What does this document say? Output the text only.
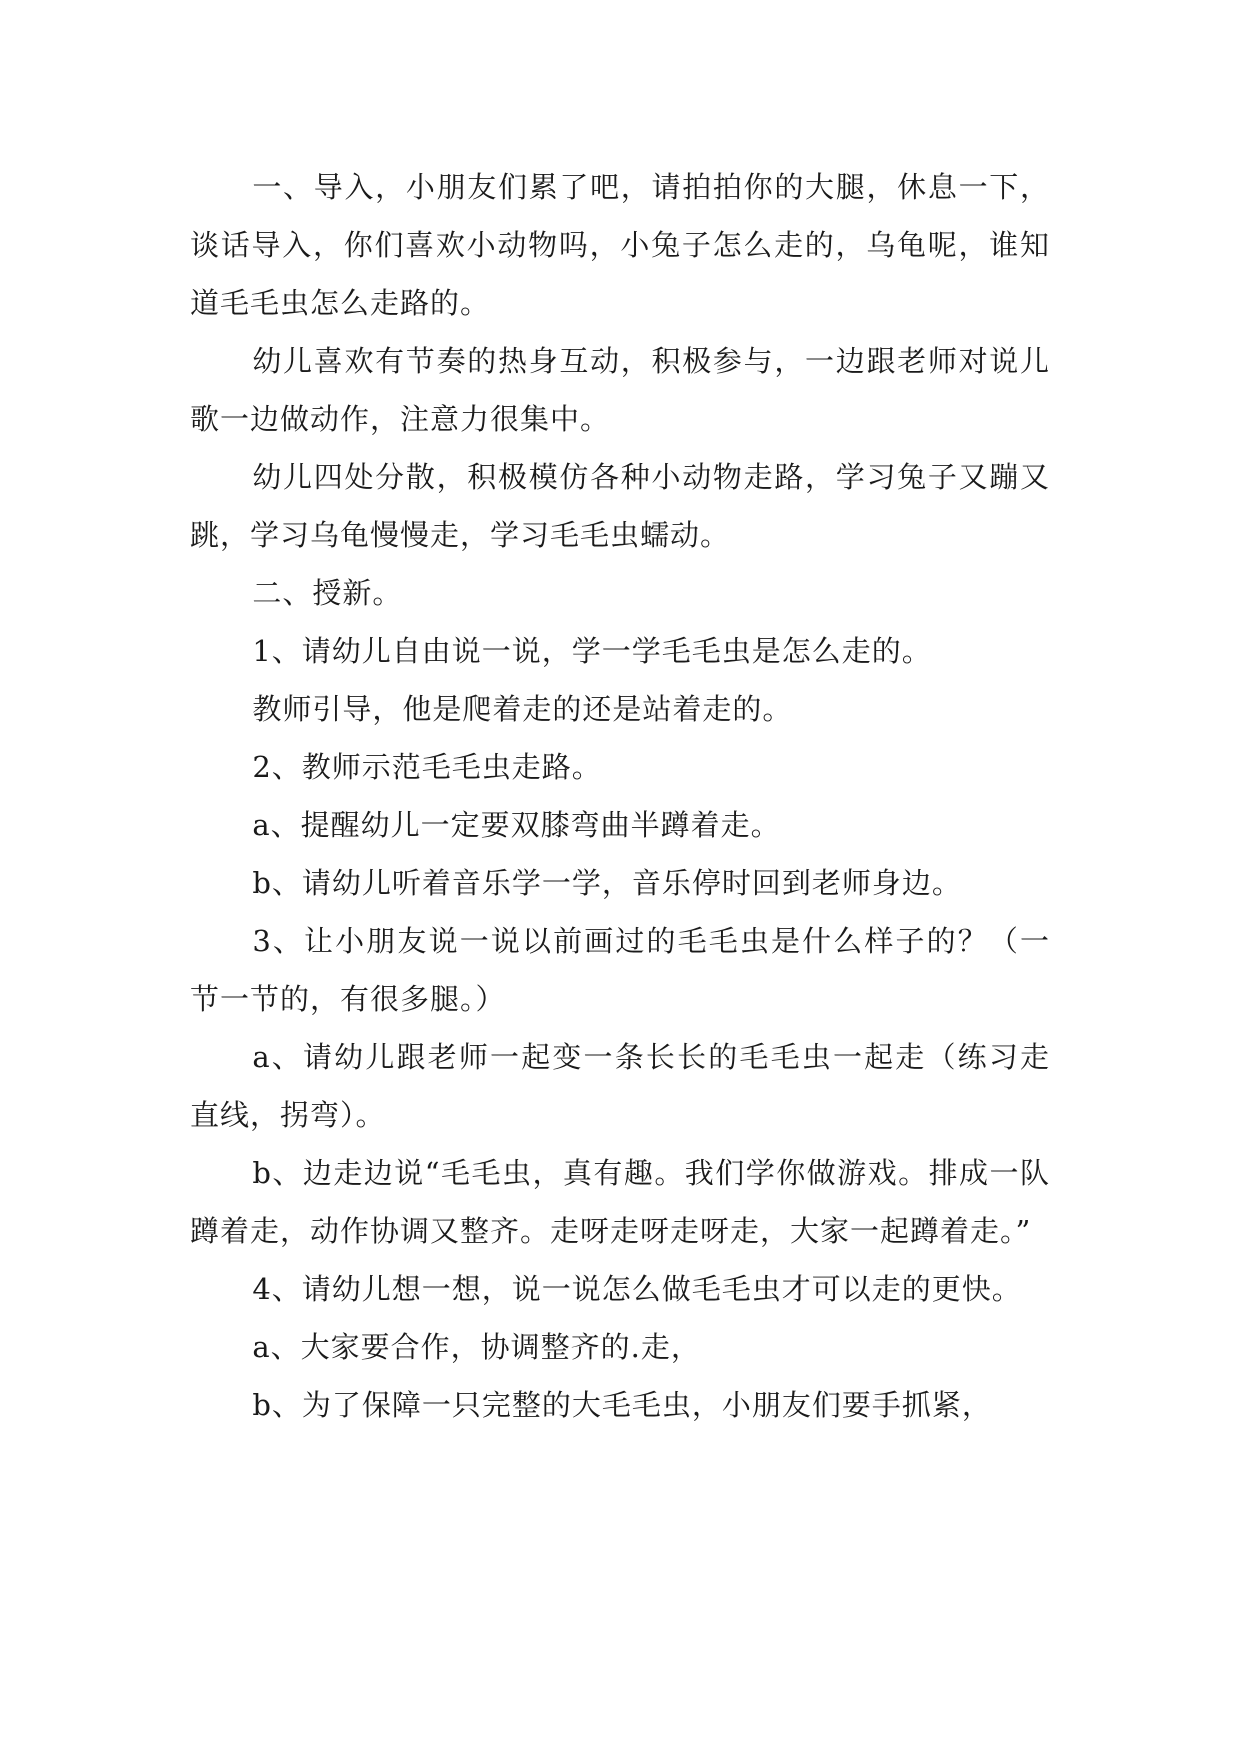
一、导入，小朋友们累了吧，请拍拍你的大腿，休息一下，谈话导入，你们喜欢小动物吗，小兔子怎么走的，乌龟呢，谁知道毛毛虫怎么走路的。

幼儿喜欢有节奏的热身互动，积极参与，一边跟老师对说儿歌一边做动作，注意力很集中。

幼儿四处分散，积极模仿各种小动物走路，学习兔子又蹦又跳，学习乌龟慢慢走，学习毛毛虫蠕动。

二、授新。

1、请幼儿自由说一说，学一学毛毛虫是怎么走的。

教师引导，他是爬着走的还是站着走的。

2、教师示范毛毛虫走路。

a、提醒幼儿一定要双膝弯曲半蹲着走。

b、请幼儿听着音乐学一学，音乐停时回到老师身边。

3、让小朋友说一说以前画过的毛毛虫是什么样子的？（一节一节的，有很多腿。）

a、请幼儿跟老师一起变一条长长的毛毛虫一起走（练习走直线，拐弯）。

b、边走边说“毛毛虫，真有趣。我们学你做游戏。排成一队蹲着走，动作协调又整齐。走呀走呀走呀走，大家一起蹲着走。”

4、请幼儿想一想，说一说怎么做毛毛虫才可以走的更快。

a、大家要合作，协调整齐的.走，

b、为了保障一只完整的大毛毛虫，小朋友们要手抓紧，
